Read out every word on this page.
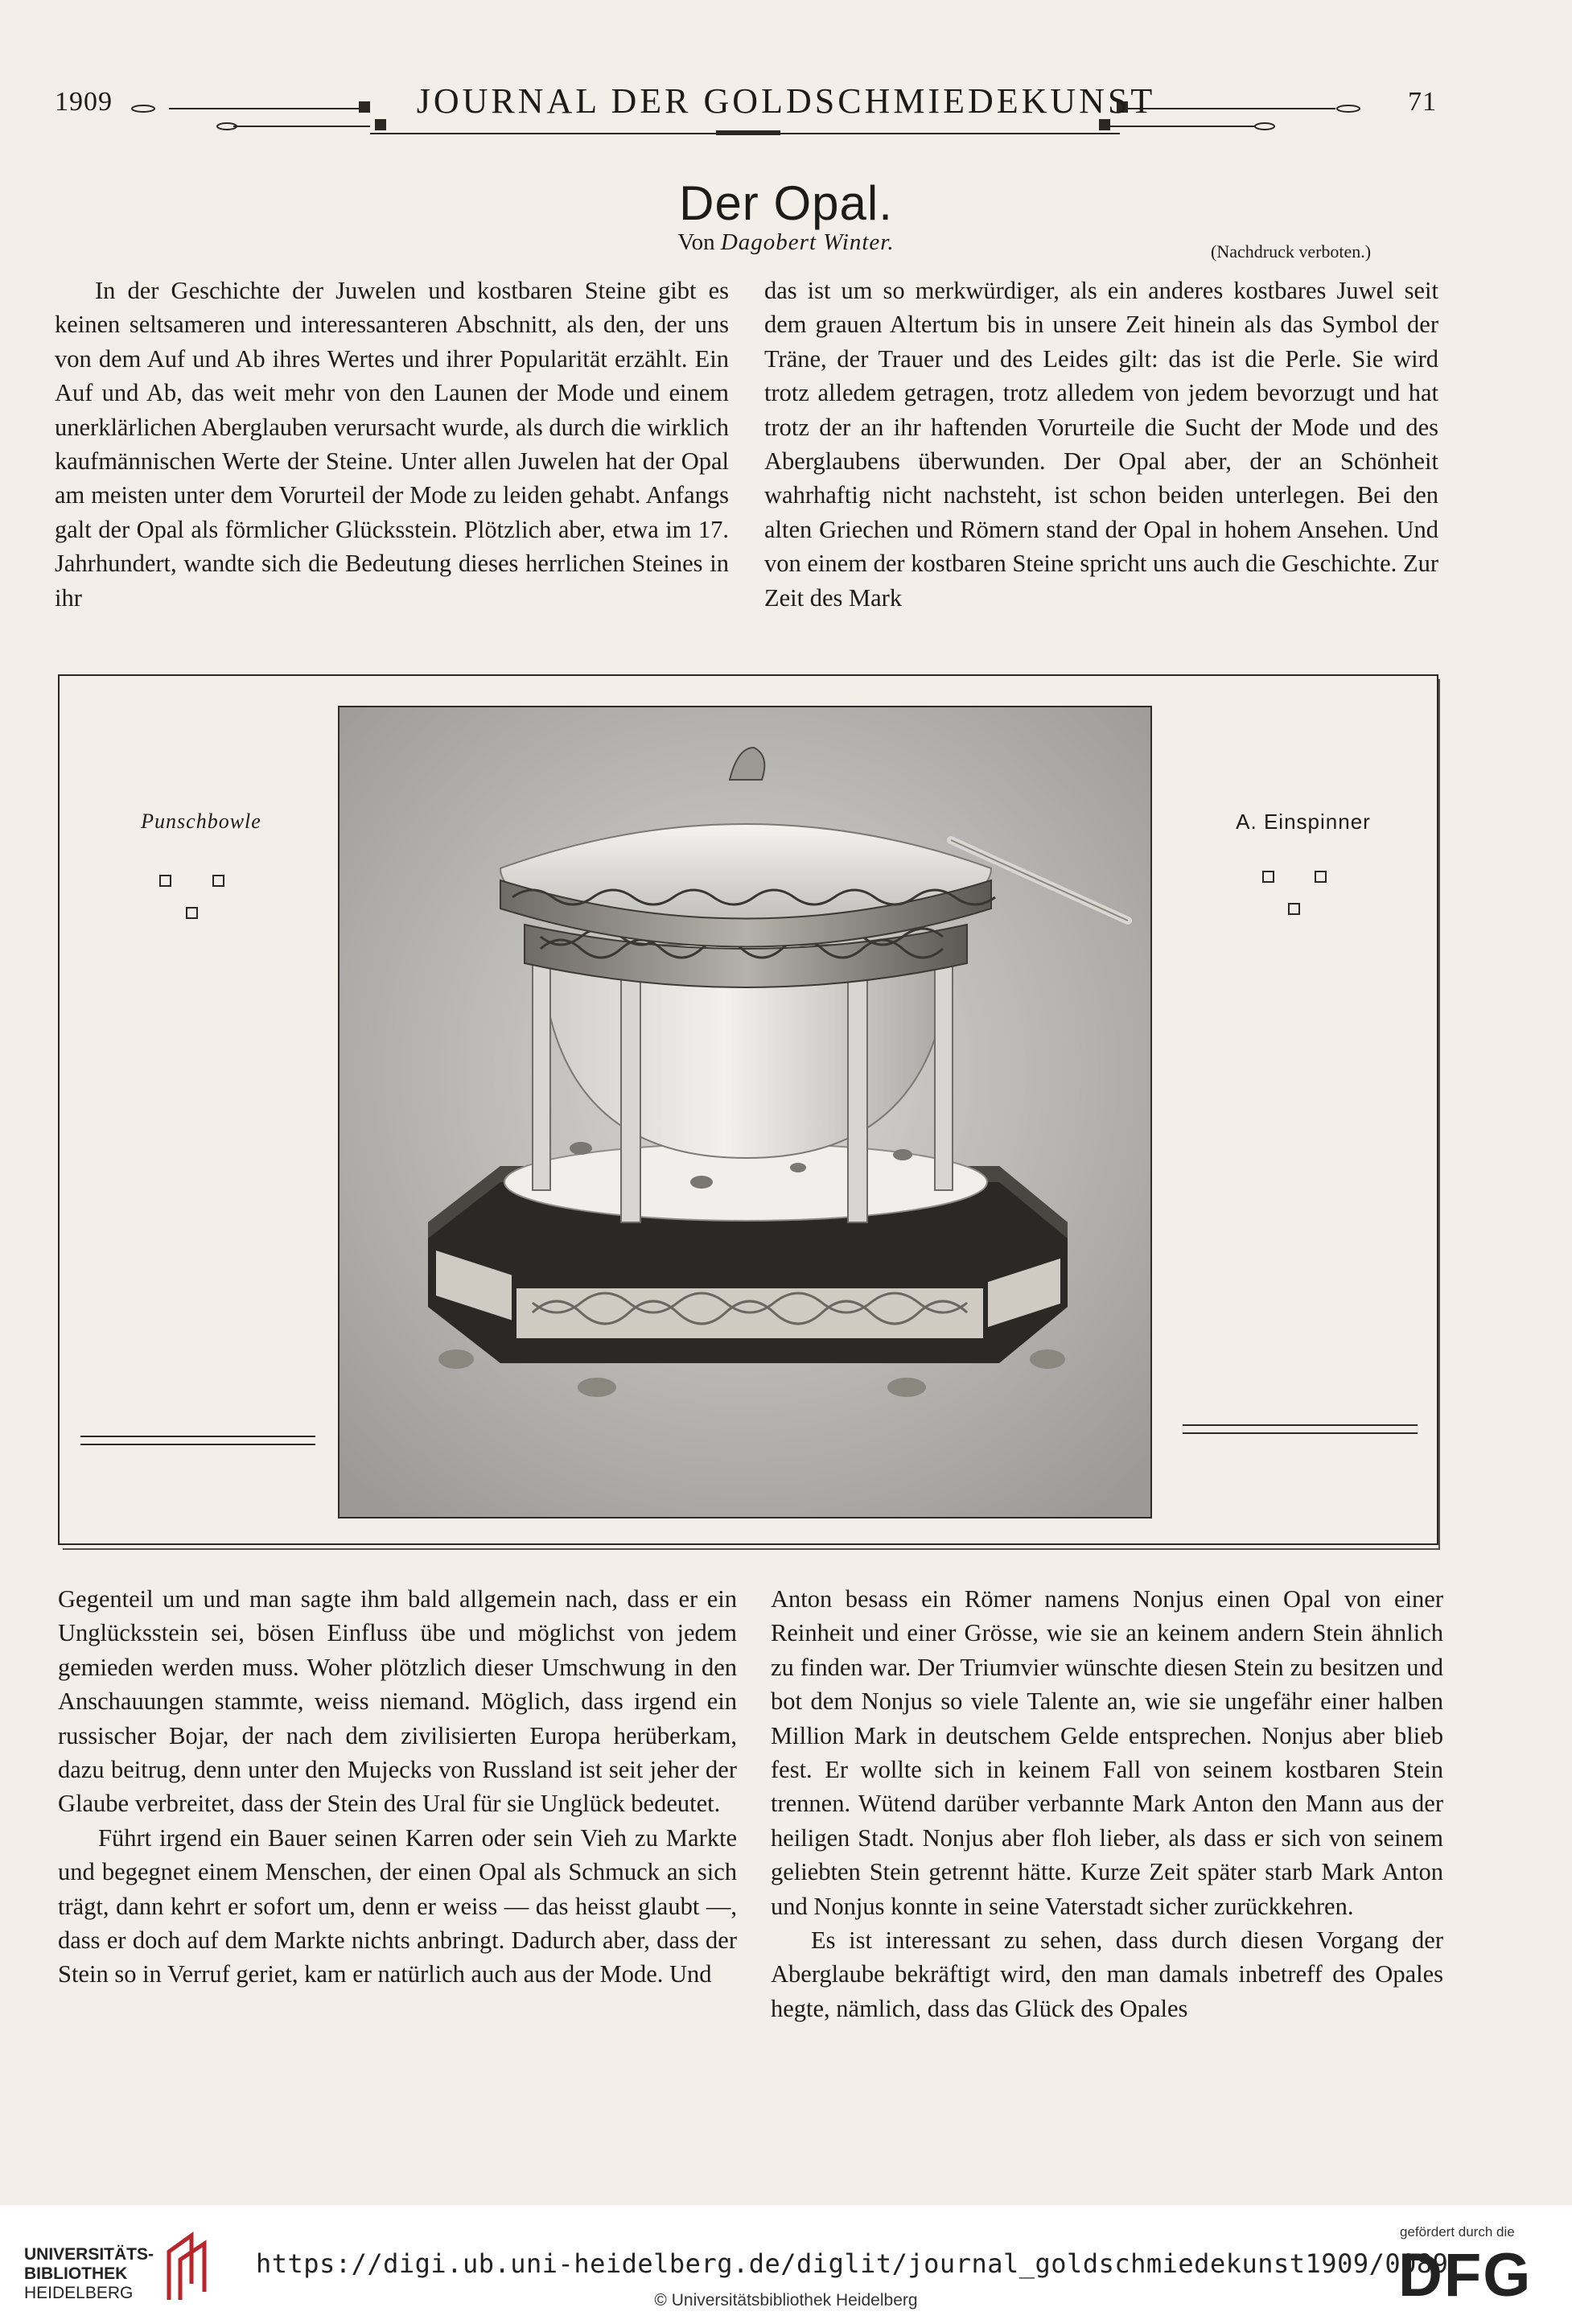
1909	JOURNAL DER GOLDSCHMIEDEKUNST	71
Der Opal.
Von Dagobert Winter.	(Nachdruck verboten.)

In der Geschichte der Juwelen und kostbaren Steine gibt es keinen seltsameren und interessanteren Abschnitt, als den, der uns von dem Auf und Ab ihres Wertes und ihrer Popularität erzählt. Ein Auf und Ab, das weit mehr von den Launen der Mode und einem unerklärlichen Aberglauben verursacht wurde, als durch die wirklich kaufmännischen Werte der Steine. Unter allen Juwelen hat der Opal am meisten unter dem Vorurteil der Mode zu leiden gehabt. Anfangs galt der Opal als förmlicher Glücksstein. Plötzlich aber, etwa im 17. Jahrhundert, wandte sich die Bedeutung dieses herrlichen Steines in ihr

das ist um so merkwürdiger, als ein anderes kostbares Juwel seit dem grauen Altertum bis in unsere Zeit hinein als das Symbol der Träne, der Trauer und des Leides gilt: das ist die Perle. Sie wird trotz alledem getragen, trotz alledem von jedem bevorzugt und hat trotz der an ihr haftenden Vorurteile die Sucht der Mode und des Aberglaubens überwunden. Der Opal aber, der an Schönheit wahrhaftig nicht nachsteht, ist schon beiden unterlegen. Bei den alten Griechen und Römern stand der Opal in hohem Ansehen. Und von einem der kostbaren Steine spricht uns auch die Geschichte. Zur Zeit des Mark

Punschbowle	A. Einspinner

Gegenteil um und man sagte ihm bald allgemein nach, dass er ein Unglücksstein sei, bösen Einfluss übe und möglichst von jedem gemieden werden muss. Woher plötzlich dieser Umschwung in den Anschauungen stammte, weiss niemand. Möglich, dass irgend ein russischer Bojar, der nach dem zivilisierten Europa herüberkam, dazu beitrug, denn unter den Mujecks von Russland ist seit jeher der Glaube verbreitet, dass der Stein des Ural für sie Unglück bedeutet.

Führt irgend ein Bauer seinen Karren oder sein Vieh zu Markte und begegnet einem Menschen, der einen Opal als Schmuck an sich trägt, dann kehrt er sofort um, denn er weiss — das heisst glaubt —, dass er doch auf dem Markte nichts anbringt. Dadurch aber, dass der Stein so in Verruf geriet, kam er natürlich auch aus der Mode. Und

Anton besass ein Römer namens Nonjus einen Opal von einer Reinheit und einer Grösse, wie sie an keinem andern Stein ähnlich zu finden war. Der Triumvier wünschte diesen Stein zu besitzen und bot dem Nonjus so viele Talente an, wie sie ungefähr einer halben Million Mark in deutschem Gelde entsprechen. Nonjus aber blieb fest. Er wollte sich in keinem Fall von seinem kostbaren Stein trennen. Wütend darüber verbannte Mark Anton den Mann aus der heiligen Stadt. Nonjus aber floh lieber, als dass er sich von seinem geliebten Stein getrennt hätte. Kurze Zeit später starb Mark Anton und Nonjus konnte in seine Vaterstadt sicher zurückkehren.

Es ist interessant zu sehen, dass durch diesen Vorgang der Aberglaube bekräftigt wird, den man damals inbetreff des Opales hegte, nämlich, dass das Glück des Opales

UNIVERSITÄTS-
BIBLIOTHEK
HEIDELBERG
https://digi.ub.uni-heidelberg.de/diglit/journal_goldschmiedekunst1909/0089
© Universitätsbibliothek Heidelberg
gefördert durch die
DFG
